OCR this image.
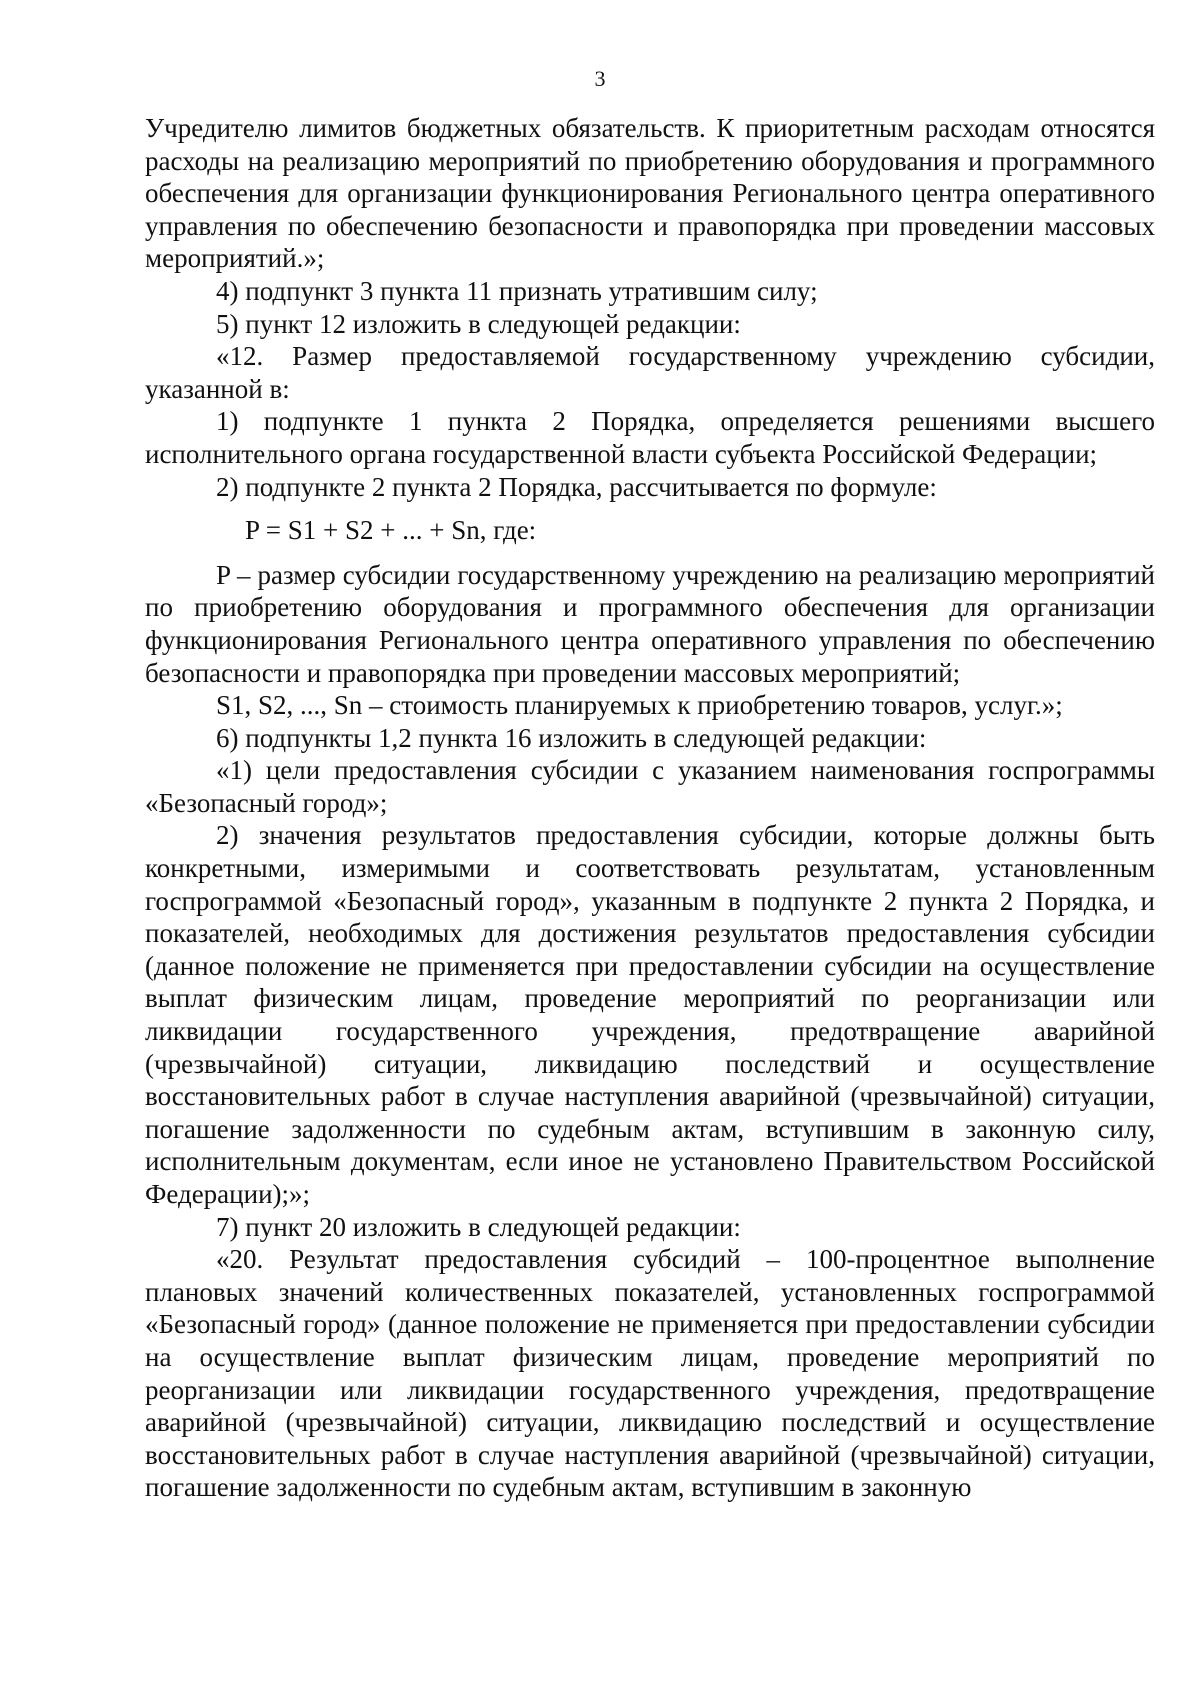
3

Учредителю лимитов бюджетных обязательств. К приоритетным расходам относятся расходы на реализацию мероприятий по приобретению оборудования и программного обеспечения для организации функционирования Регионального центра оперативного управления по обеспечению безопасности и правопорядка при проведении массовых мероприятий.»;

4) подпункт 3 пункта 11 признать утратившим силу;

5) пункт 12 изложить в следующей редакции:

«12. Размер предоставляемой государственному учреждению субсидии, указанной в:

1) подпункте 1 пункта 2 Порядка, определяется решениями высшего исполнительного органа государственной власти субъекта Российской Федерации;

2) подпункте 2 пункта 2 Порядка, рассчитывается по формуле:

P = S1 + S2 + ... + Sn, где:

P – размер субсидии государственному учреждению на реализацию мероприятий по приобретению оборудования и программного обеспечения для организации функционирования Регионального центра оперативного управления по обеспечению безопасности и правопорядка при проведении массовых мероприятий;

S1, S2, ..., Sn – стоимость планируемых к приобретению товаров, услуг.»;

6) подпункты 1,2 пункта 16 изложить в следующей редакции:

«1) цели предоставления субсидии с указанием наименования госпрограммы «Безопасный город»;

2) значения результатов предоставления субсидии, которые должны быть конкретными, измеримыми и соответствовать результатам, установленным госпрограммой «Безопасный город», указанным в подпункте 2 пункта 2 Порядка, и показателей, необходимых для достижения результатов предоставления субсидии (данное положение не применяется при предоставлении субсидии на осуществление выплат физическим лицам, проведение мероприятий по реорганизации или ликвидации государственного учреждения, предотвращение аварийной (чрезвычайной) ситуации, ликвидацию последствий и осуществление восстановительных работ в случае наступления аварийной (чрезвычайной) ситуации, погашение задолженности по судебным актам, вступившим в законную силу, исполнительным документам, если иное не установлено Правительством Российской Федерации);»;

7) пункт 20 изложить в следующей редакции:

«20. Результат предоставления субсидий – 100-процентное выполнение плановых значений количественных показателей, установленных госпрограммой «Безопасный город» (данное положение не применяется при предоставлении субсидии на осуществление выплат физическим лицам, проведение мероприятий по реорганизации или ликвидации государственного учреждения, предотвращение аварийной (чрезвычайной) ситуации, ликвидацию последствий и осуществление восстановительных работ в случае наступления аварийной (чрезвычайной) ситуации, погашение задолженности по судебным актам, вступившим в законную
